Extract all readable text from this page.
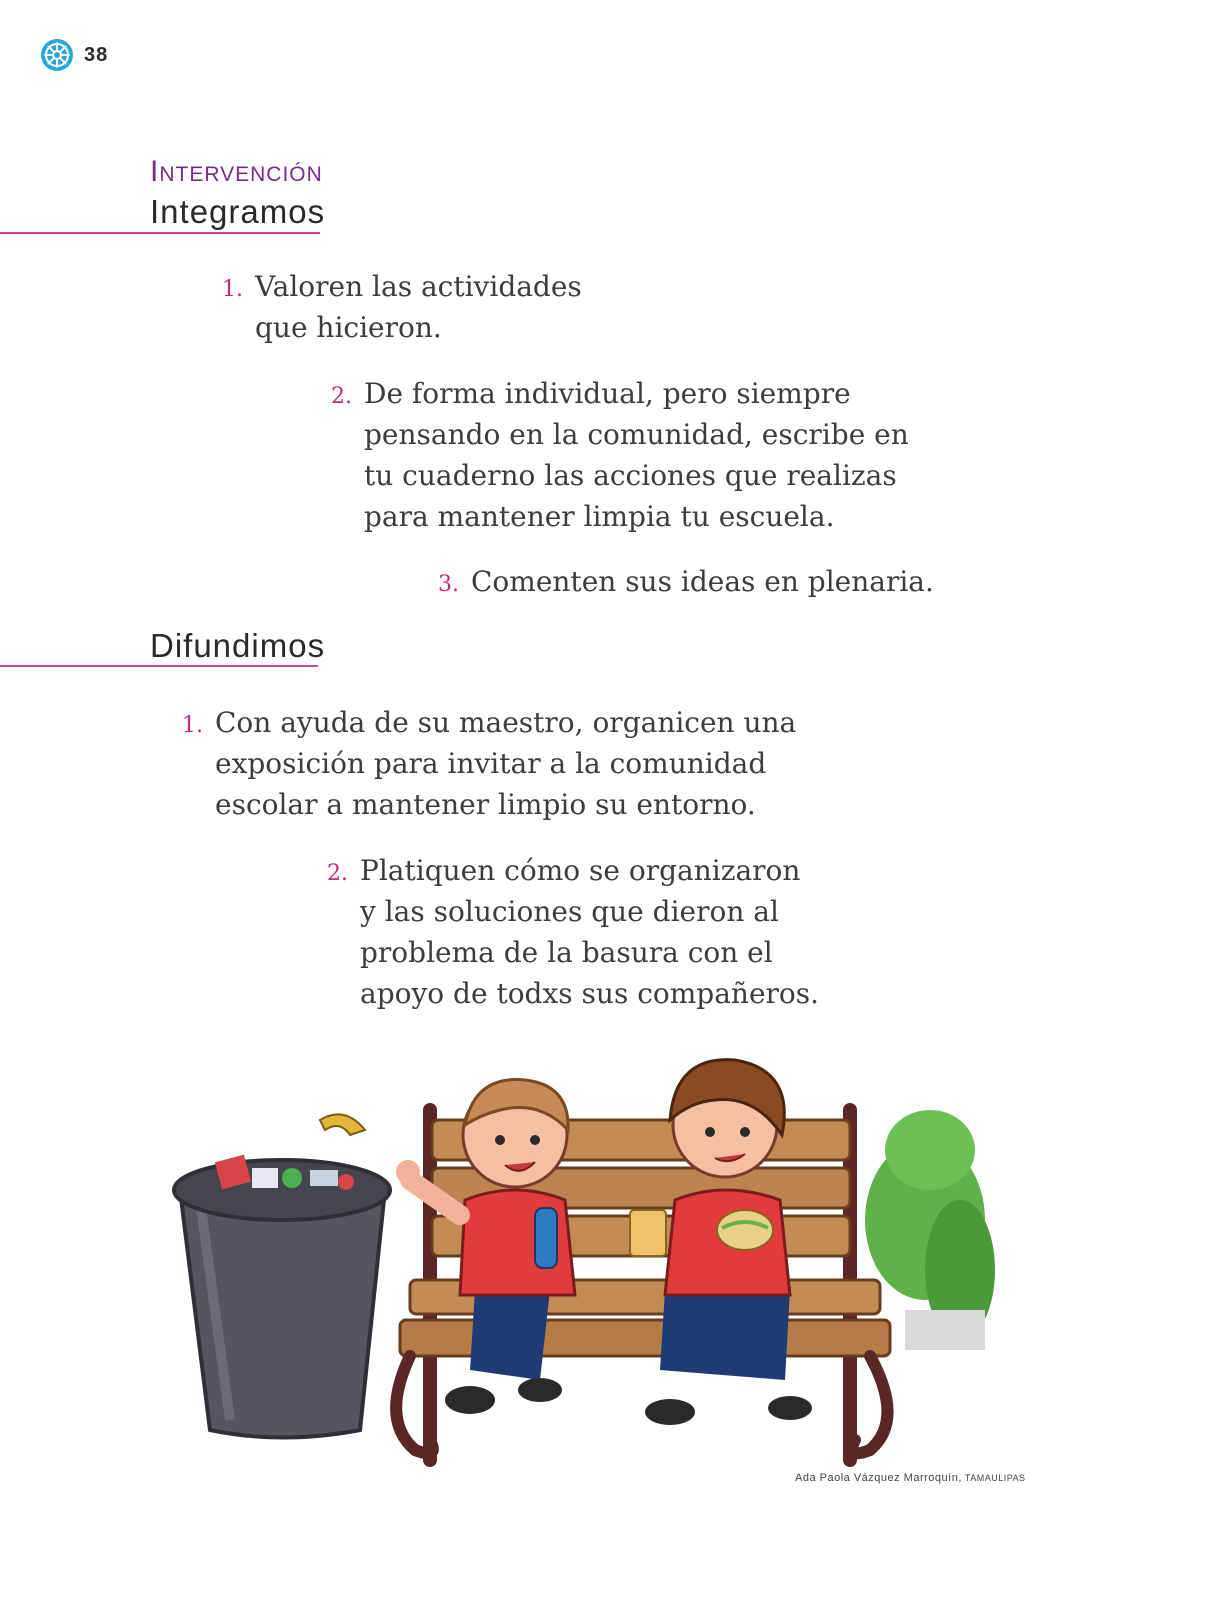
38
Intervención
Integramos
1. Valoren las actividades
que hicieron.
2. De forma individual, pero siempre
pensando en la comunidad, escribe en
tu cuaderno las acciones que realizas
para mantener limpia tu escuela.
3. Comenten sus ideas en plenaria.
Difundimos
1. Con ayuda de su maestro, organicen una
exposición para invitar a la comunidad
escolar a mantener limpio su entorno.
2. Platiquen cómo se organizaron
y las soluciones que dieron al
problema de la basura con el
apoyo de todxs sus compañeros.
Ada Paola Vázquez Marroquín, TAMAULIPAS
